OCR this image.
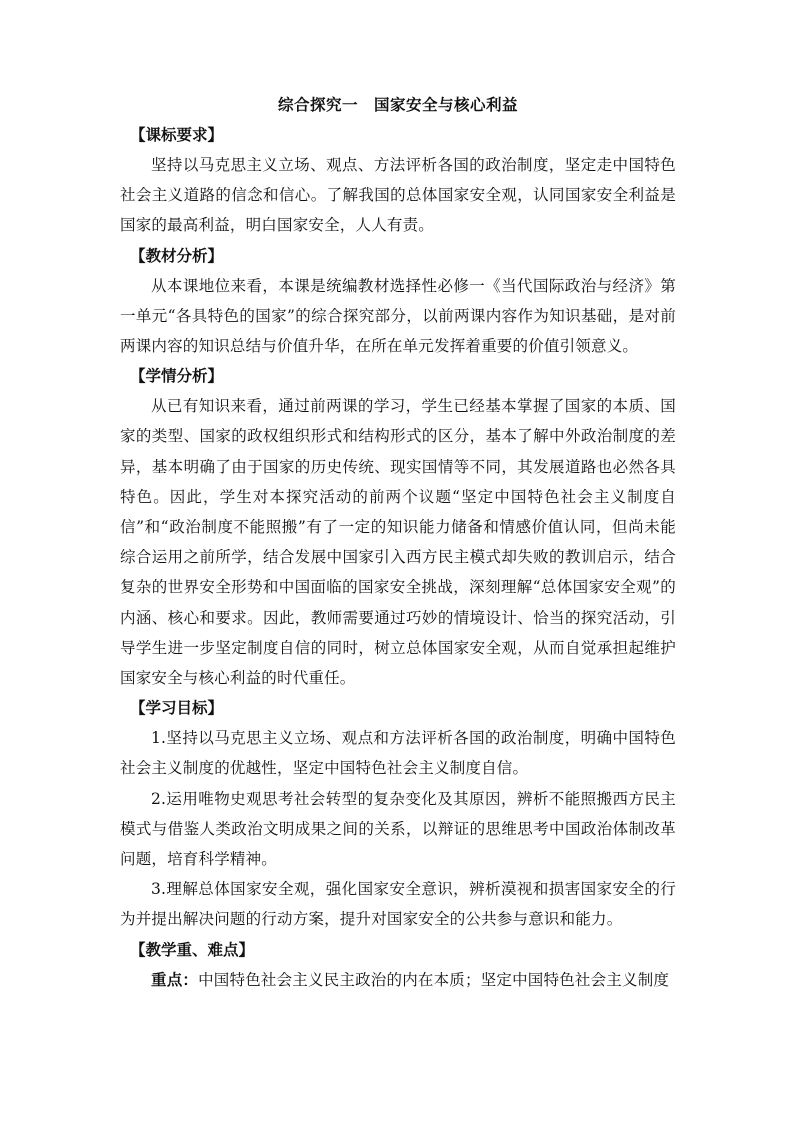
综合探究一 国家安全与核心利益

【课标要求】

坚持以马克思主义立场、观点、方法评析各国的政治制度，坚定走中国特色社会主义道路的信念和信心。了解我国的总体国家安全观，认同国家安全利益是国家的最高利益，明白国家安全，人人有责。

【教材分析】

从本课地位来看，本课是统编教材选择性必修一《当代国际政治与经济》第一单元“各具特色的国家”的综合探究部分，以前两课内容作为知识基础，是对前两课内容的知识总结与价值升华，在所在单元发挥着重要的价值引领意义。

【学情分析】

从已有知识来看，通过前两课的学习，学生已经基本掌握了国家的本质、国家的类型、国家的政权组织形式和结构形式的区分，基本了解中外政治制度的差异，基本明确了由于国家的历史传统、现实国情等不同，其发展道路也必然各具特色。因此，学生对本探究活动的前两个议题“坚定中国特色社会主义制度自信”和“政治制度不能照搬”有了一定的知识能力储备和情感价值认同，但尚未能综合运用之前所学，结合发展中国家引入西方民主模式却失败的教训启示，结合复杂的世界安全形势和中国面临的国家安全挑战，深刻理解“总体国家安全观”的内涵、核心和要求。因此，教师需要通过巧妙的情境设计、恰当的探究活动，引导学生进一步坚定制度自信的同时，树立总体国家安全观，从而自觉承担起维护国家安全与核心利益的时代重任。

【学习目标】

1.坚持以马克思主义立场、观点和方法评析各国的政治制度，明确中国特色社会主义制度的优越性，坚定中国特色社会主义制度自信。

2.运用唯物史观思考社会转型的复杂变化及其原因，辨析不能照搬西方民主模式与借鉴人类政治文明成果之间的关系，以辩证的思维思考中国政治体制改革问题，培育科学精神。

3.理解总体国家安全观，强化国家安全意识，辨析漠视和损害国家安全的行为并提出解决问题的行动方案，提升对国家安全的公共参与意识和能力。

【教学重、难点】

重点：中国特色社会主义民主政治的内在本质；坚定中国特色社会主义制度
